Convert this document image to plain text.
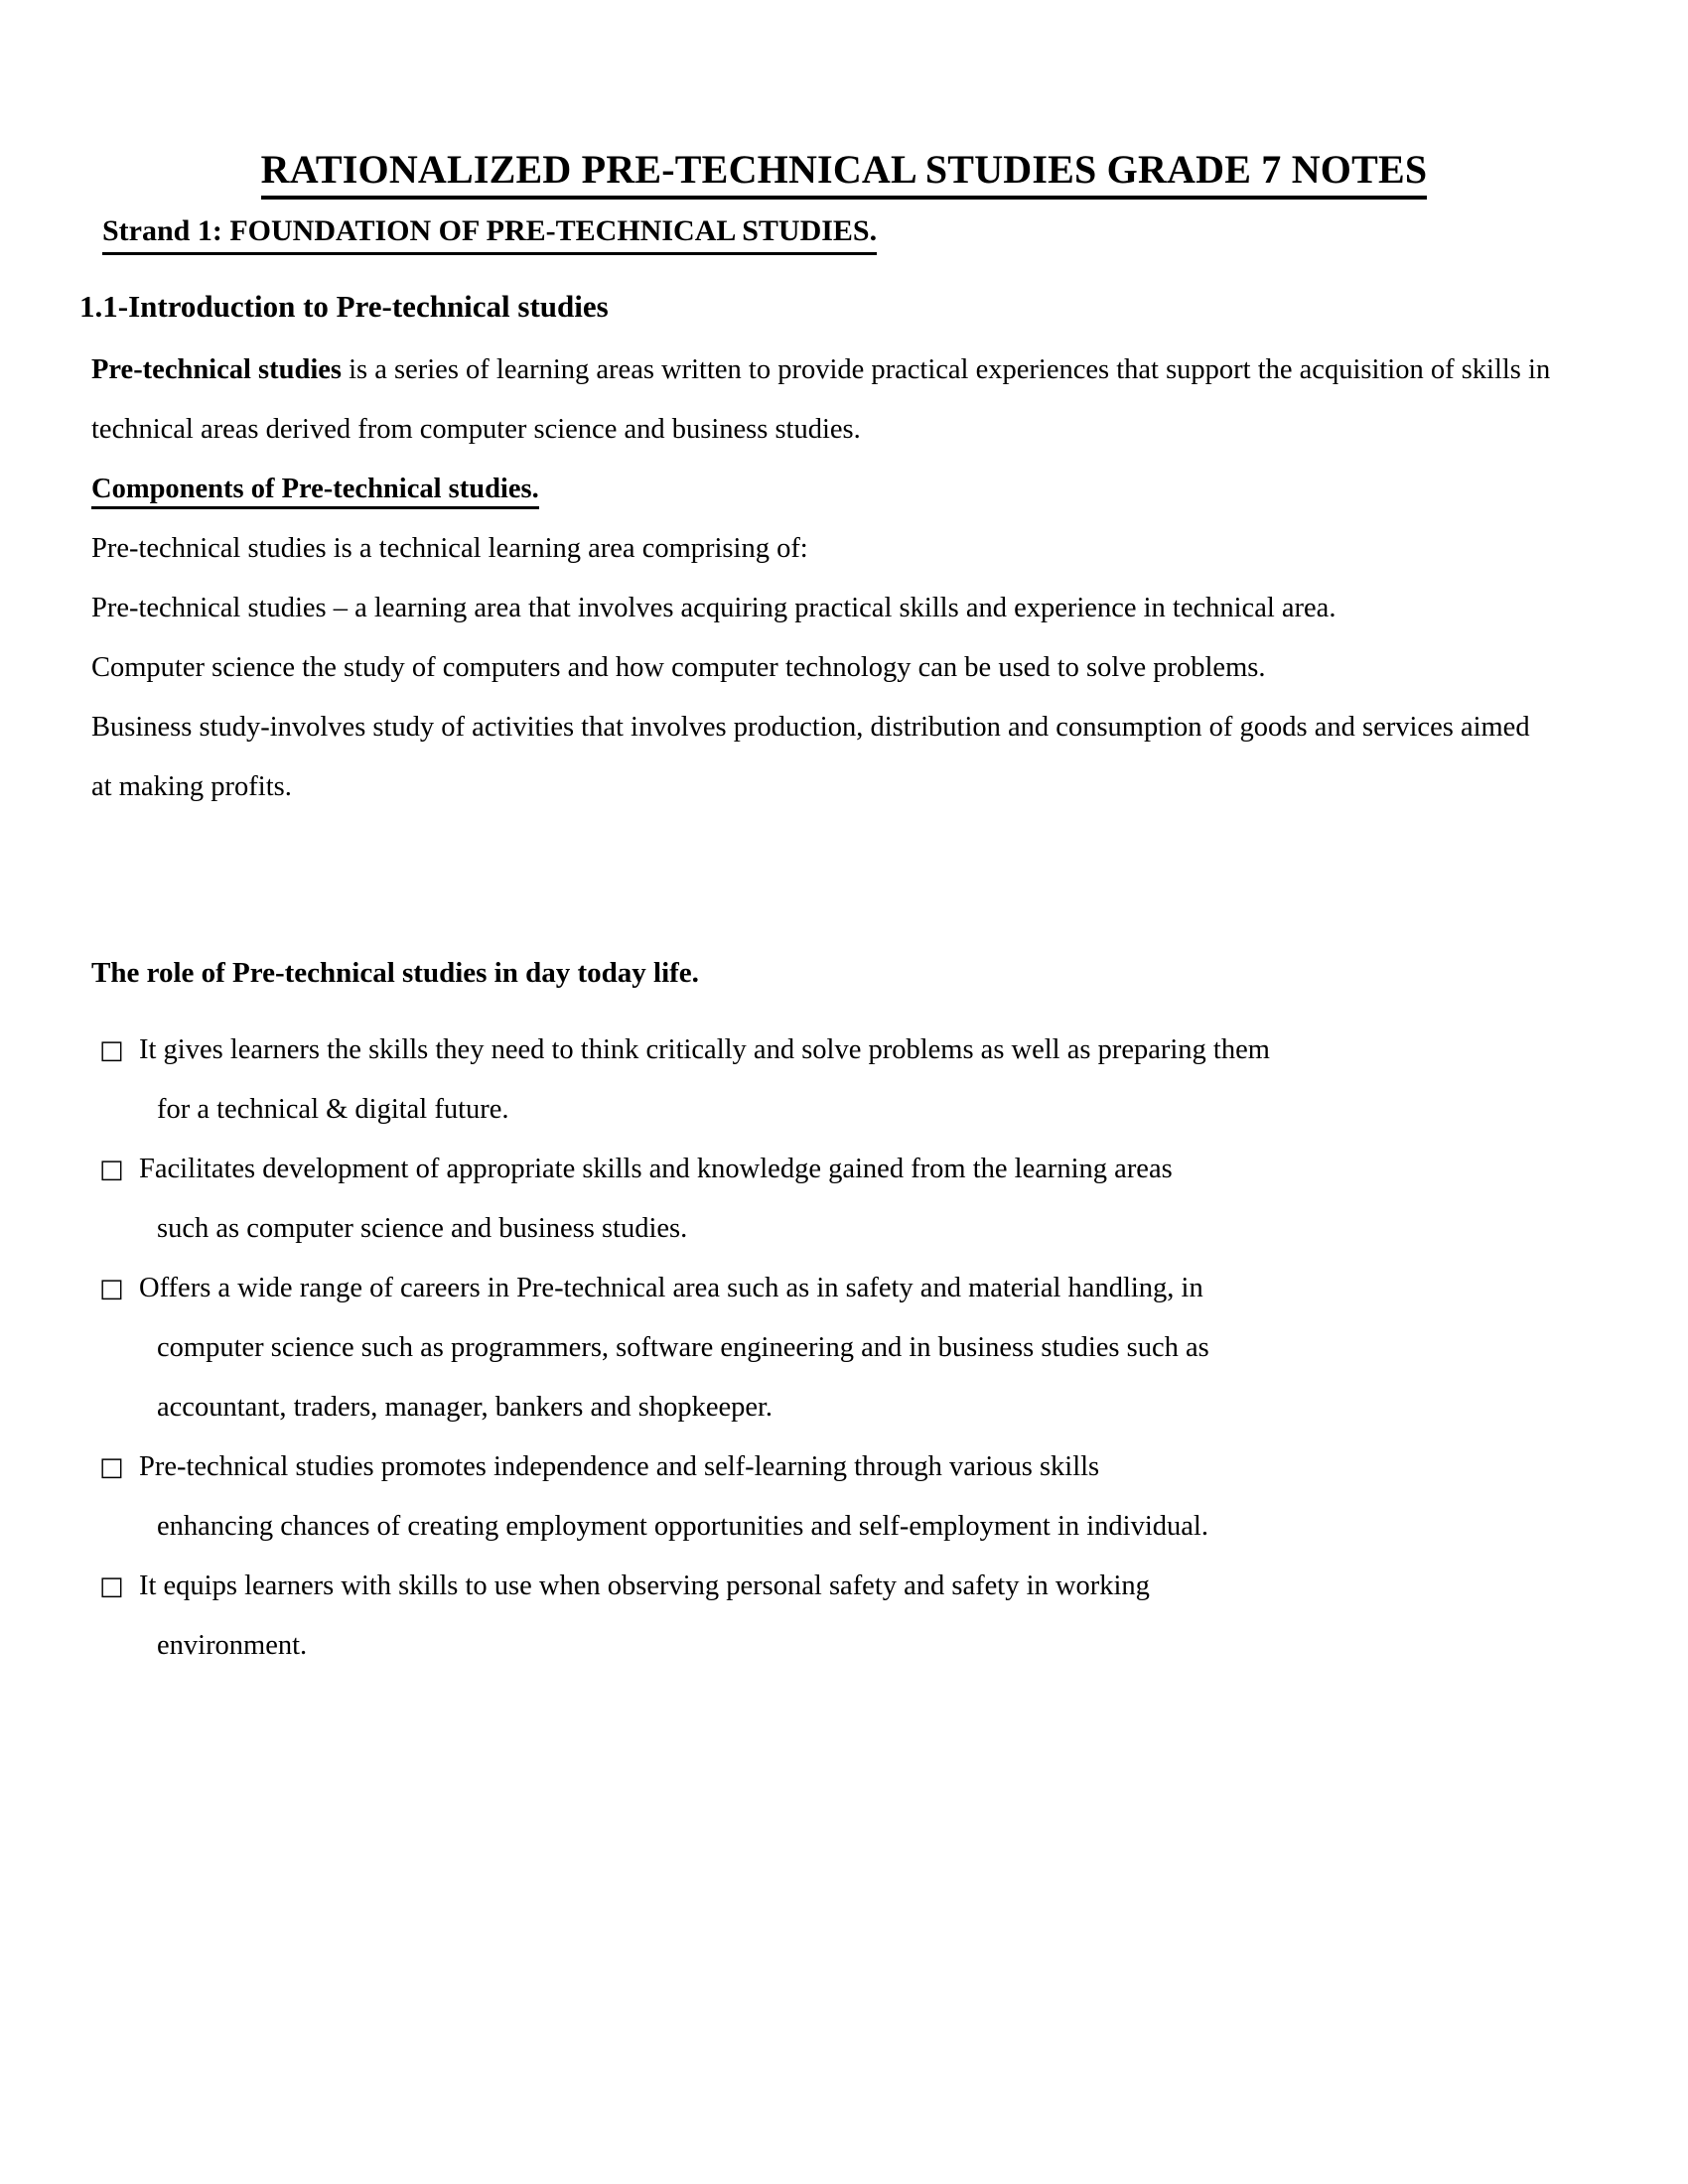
RATIONALIZED PRE-TECHNICAL STUDIES GRADE 7 NOTES
Strand 1: FOUNDATION OF PRE-TECHNICAL STUDIES.
1.1-Introduction to Pre-technical studies

Pre-technical studies is a series of learning areas written to provide practical experiences that support the acquisition of skills in technical areas derived from computer science and business studies.

Components of Pre-technical studies.

Pre-technical studies is a technical learning area comprising of:

Pre-technical studies – a learning area that involves acquiring practical skills and experience in technical area.

Computer science the study of computers and how computer technology can be used to solve problems.

Business study-involves study of activities that involves production, distribution and consumption of goods and services aimed at making profits.

The role of Pre-technical studies in day today life.
□ It gives learners the skills they need to think critically and solve problems as well as preparing them
for a technical & digital future.
□ Facilitates development of appropriate skills and knowledge gained from the learning areas
such as computer science and business studies.
□ Offers a wide range of careers in Pre-technical area such as in safety and material handling, in
computer science such as programmers, software engineering and in business studies such as
accountant, traders, manager, bankers and shopkeeper.
□ Pre-technical studies promotes independence and self-learning through various skills
enhancing chances of creating employment opportunities and self-employment in individual.
□ It equips learners with skills to use when observing personal safety and safety in working
environment.
